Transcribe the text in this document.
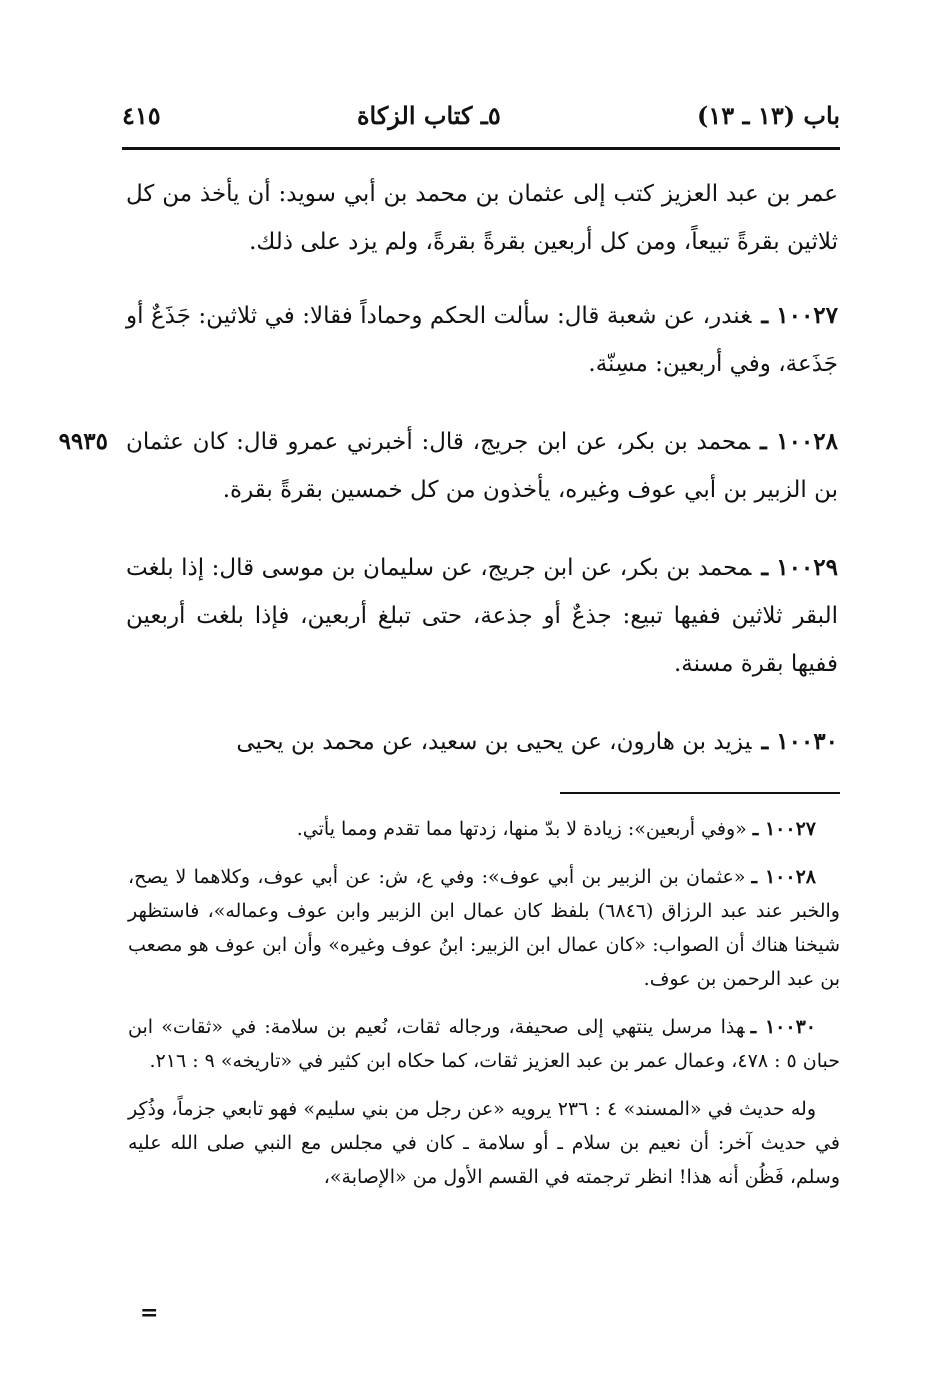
باب (١٣ ـ ١٣)
٥ـ كتاب الزكاة
٤١٥

عمر بن عبد العزيز كتب إلى عثمان بن محمد بن أبي سويد: أن يأخذ من كل ثلاثين بقرةً تبيعاً، ومن كل أربعين بقرةً بقرةً، ولم يزد على ذلك.

١٠٠٢٧ ـغندر، عن شعبة قال: سألت الحكم وحماداً فقالا: في ثلاثين: جَذَعٌ أو جَذَعة، وفي أربعين: مسِنّة.

٩٩٣٥	١٠٠٢٨ ـمحمد بن بكر، عن ابن جريج، قال: أخبرني عمرو قال: كان عثمان بن الزبير بن أبي عوف وغيره، يأخذون من كل خمسين بقرةً بقرة.

١٠٠٢٩ ـمحمد بن بكر، عن ابن جريج، عن سليمان بن موسى قال: إذا بلغت البقر ثلاثين ففيها تبيع: جذعٌ أو جذعة، حتى تبلغ أربعين، فإذا بلغت أربعين ففيها بقرة مسنة.

١٠٠٣٠ ـيزيد بن هارون، عن يحيى بن سعيد، عن محمد بن يحيى

١٠٠٢٧ ـ«وفي أربعين»: زيادة لا بدّ منها، زدتها مما تقدم ومما يأتي.

١٠٠٢٨ ـ«عثمان بن الزبير بن أبي عوف»: وفي ع، ش: عن أبي عوف، وكلاهما لا يصح، والخبر عند عبد الرزاق (٦٨٤٦) بلفظ كان عمال ابن الزبير وابن عوف وعماله»، فاستظهر شيخنا هناك أن الصواب: «كان عمال ابن الزبير: ابنُ عوف وغيره» وأن ابن عوف هو مصعب بن عبد الرحمن بن عوف.

١٠٠٣٠ ـهذا مرسل ينتهي إلى صحيفة، ورجاله ثقات، نُعيم بن سلامة: في «ثقات» ابن حبان ٥ : ٤٧٨، وعمال عمر بن عبد العزيز ثقات، كما حكاه ابن كثير في «تاريخه» ٩ : ٢١٦.

وله حديث في «المسند» ٤ : ٢٣٦ يرويه «عن رجل من بني سليم» فهو تابعي جزماً، وذُكِر في حديث آخر: أن نعيم بن سلام ـ أو سلامة ـ كان في مجلس مع النبي صلى الله عليه وسلم، فَظُن أنه هذا! انظر ترجمته في القسم الأول من «الإصابة»،

=
